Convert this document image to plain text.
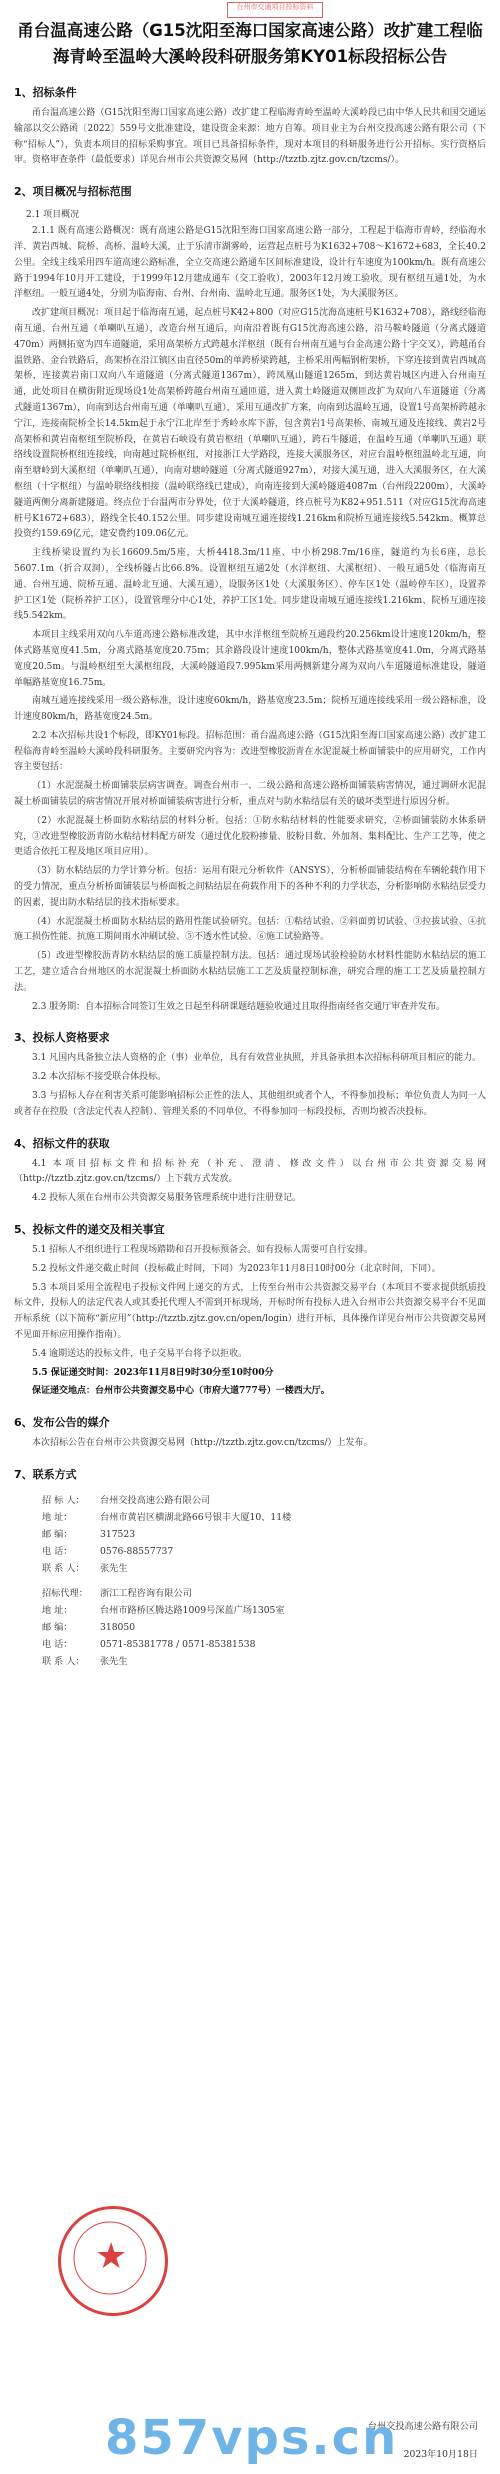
台州市交通项目投标资料
甬台温高速公路（G15沈阳至海口国家高速公路）改扩建工程临海青岭至温岭大溪岭段科研服务第KY01标段招标公告
1、招标条件
甬台温高速公路（G15沈阳至海口国家高速公路）改扩建工程临海青岭至温岭大溪岭段已由中华人民共和国交通运输部以交公路函〔2022〕559号文批准建设，建设资金来源：地方自筹。项目业主为台州交投高速公路有限公司（下称“招标人”），负责本项目的招标采购事宜。项目已具备招标条件，现对本项目的科研服务进行公开招标。实行资格后审。资格审查条件（最低要求）详见台州市公共资源交易网（http://tzztb.zjtz.gov.cn/tzcms/）。
2、项目概况与招标范围
2.1 项目概况
2.1.1 既有高速公路概况：既有高速公路是G15沈阳至海口国家高速公路一部分，工程起于临海市青岭，经临海水洋、黄岩西城、院桥、高桥、温岭大溪，止于乐清市湖雾岭，运营起点桩号为K1632+708～K1672+683，全长40.2公里。全线主线采用四车道高速公路标准，全立交高速公路通车区间标准建设，设计行车速度为100km/h。既有高速公路于1994年10月开工建设，于1999年12月建成通车（交工验收），2003年12月竣工验收。现有枢纽互通1处，为水洋枢纽。一般互通4处，分别为临海南、台州、台州南、温岭北互通。服务区1处，为大溪服务区。
改扩建项目概况：项目起于临海南互通，起点桩号K42+800（对应G15沈海高速桩号K1632+708），路线经临海南互通、台州互通（单喇叭互通），改造台州互通后，向南沿着既有G15沈海高速公路，沿马鞍岭隧道（分离式隧道470m）两侧拓宽为四车道隧道，采用高架桥方式跨越水洋枢纽（既有台州南互通与台金高速公路十字交叉），跨越甬台温铁路、金台铁路后，高架桥在沿江镇区由直径50m的单跨桥梁跨越，主桥采用两幅钢桁架桥，下穿连接到黄岩西城高架桥，连接黄岩南口双向八车道隧道（分离式隧道1367m），跨凤凰山隧道1265m，到达黄岩城区内进入台州南互通，此处项目在横街附近现场设1处高架桥跨越台州南互通匝道，进入黄土岭隧道双侧匝改扩为双向八车道隧道（分离式隧道1367m），向南到达台州南互通（单喇叭互通），采用互通改扩方案，向南到达温岭互通，设置1号高架桥跨越永宁江，连接南院桥全长14.5km起于永宁江北岸至于秀岭水库下游，包含黄岩1号高架桥、南城互通及连接线、黄岩2号高架桥和黄岩南枢纽至院桥段，在黄岩石峡设有黄岩枢纽（单喇叭互通），跨石牛隧道，在温岭互通（单喇叭互通）联络线设置院桥枢纽连接线，向南越过院桥枢纽，对接浙江大学路段，连接大溪服务区，对应台温岭枢纽温岭北互通，向南至塘岭到大溪枢纽（单喇叭互通），向南对塘岭隧道（分离式隧道927m），对接大溪互通，进入大溪服务区，在大溪枢纽（十字枢纽）与温岭联络线相接（温岭联络线已建成），向南连接到大溪岭隧道4087m（台州段2200m），大溪岭隧道两侧分离新建隧道。终点位于台温两市分界处，位于大溪岭隧道，终点桩号为K82+951.511（对应G15沈海高速桩号K1672+683），路线全长40.152公里。同步建设南城互通连接线1.216km和院桥互通连接线5.542km。概算总投资约159.69亿元，建安费约109.06亿元。
主线桥梁设置约为长16609.5m/5座，大桥4418.3m/11座、中小桥298.7m/16座，隧道约为长6座，总长5607.1m（折合双洞），全线桥隧占比66.8%。设置枢纽互通2处（水洋枢纽、大溪枢纽）、一般互通5处（临海南互通、台州互通、院桥互通、温岭北互通、大溪互通），设服务区1处（大溪服务区）、停车区1处（温岭停车区），设置养护工区1处（院桥养护工区），设置管理分中心1处，养护工区1处。同步建设南城互通连接线1.216km、院桥互通连接线5.542km。
本项目主线采用双向八车道高速公路标准改建，其中水洋枢纽至院桥互通段约20.256km设计速度120km/h，整体式路基宽度41.5m，分离式路基宽度20.75m；其余路段设计速度100km/h，整体式路基宽度41.0m，分离式路基宽度20.5m。与温岭枢纽至大溪枢纽段，大溪岭隧道段7.995km采用两侧新建分离为双向八车道隧道标准建设，隧道单幅路基宽度16.75m。
南城互通连接线采用一级公路标准，设计速度60km/h，路基宽度23.5m；院桥互通连接线采用一级公路标准，设计速度80km/h，路基宽度24.5m。
2.2 本次招标共设1个标段，即KY01标段。招标范围：甬台温高速公路（G15沈阳至海口国家高速公路）改扩建工程临海青岭至温岭大溪岭段科研服务。主要研究内容为：改进型橡胶沥青在水泥混凝土桥面铺装中的应用研究，工作内容主要包括：
（1）水泥混凝土桥面铺装层病害调查。调查台州市一、二级公路和高速公路桥面铺装病害情况，通过调研水泥混凝土桥面铺装层的病害情况开展对桥面铺装病害进行分析，重点对与防水粘结层有关的破坏类型进行原因分析。
（2）水泥混凝土桥面防水粘结层的材料分析。包括：①防水粘结材料的性能要求研究，②桥面铺装防水体系研究，③改进型橡胶沥青防水粘结材料配方研发（通过优化胶粉掺量、胶粉目数、外加剂、集料配比、生产工艺等，使之更适合依托工程及地区项目应用）。
（3）防水粘结层的力学计算分析。包括：运用有限元分析软件（ANSYS），分析桥面铺装结构在车辆轮载作用下的受力情况，重点分析桥面铺装层与桥面板之间粘结层在荷载作用下的各种不利的力学状态，分析影响防水粘结层受力的因素，提出防水粘结层的技术指标要求。
（4）水泥混凝土桥面防水粘结层的路用性能试验研究。包括：①粘结试验、②斜面剪切试验、③拉拔试验、④抗施工损伤性能、抗施工期间雨水冲刷试验、⑤不透水性试验、⑥施工试验路等。
（5）改进型橡胶沥青防水粘结层的施工质量控制方法。包括：通过现场试验检验防水材料性能防水粘结层的施工工艺，建立适合台州地区的水泥混凝土桥面防水粘结层施工工艺及质量控制标准，研究合理的施工工艺及质量控制方法。
2.3 服务期：自本招标合同签订生效之日起至科研课题结题验收通过且取得指南经省交通厅审查并发布。
3、投标人资格要求
3.1 凡国内具备独立法人资格的企（事）业单位，具有有效营业执照，并具备承担本次招标科研项目相应的能力。
3.2 本次招标不接受联合体投标。
3.3 与招标人存在利害关系可能影响招标公正性的法人、其他组织或者个人，不得参加投标；单位负责人为同一人或者存在控股（含法定代表人控制）、管理关系的不同单位，不得参加同一标段投标，否则均被否决投标。
4、招标文件的获取
4.1 本项目招标文件和招标补充（补充、澄清、修改文件）以台州市公共资源交易网（http://tzztb.zjtz.gov.cn/tzcms/）上下载方式发放。
4.2 投标人须在台州市公共资源交易服务管理系统中进行注册登记。
5、投标文件的递交及相关事宜
5.1 招标人不组织进行工程现场踏勘和召开投标预备会。如有投标人需要可自行安排。
5.2 投标文件递交截止时间（投标截止时间，下同）为2023年11月8日10时00分（北京时间，下同）。
5.3 本项目采用全流程电子投标文件网上递交的方式，上传至台州市公共资源交易平台（本项目不要求提供纸质投标文件，投标人的法定代表人或其委托代理人不需到开标现场，开标时所有投标人进入台州市公共资源交易平台不见面开标系统（以下简称“新应用”（http://tzztb.zjtz.gov.cn/open/login）进行开标，具体操作详见台州市公共资源交易网不见面开标应用操作指南）。
5.4 逾期送达的投标文件，电子交易平台将予以拒收。
5.5 保证递交时间：2023年11月8日9时30分至10时00分
保证递交地点：台州市公共资源交易中心（市府大道777号）一楼西大厅。
6、发布公告的媒介
本次招标公告在台州市公共资源交易网（http://tzztb.zjtz.gov.cn/tzcms/）上发布。
7、联系方式
招 标 人：	台州交投高速公路有限公司
地 址：	台州市黄岩区横湖北路66号银丰大厦10、11楼
邮 编：	317523
电 话：	0576-88557737
联 系 人：	张先生
招标代理：	浙江工程咨询有限公司
地 址：	台州市路桥区腾达路1009号深蓝广场1305室
邮 编：	318050
电 话：	0571-85381778 / 0571-85381538
联 系 人：	张先生
★
台州交投高速公路有限公司
2023年10月18日
857vps.cn
